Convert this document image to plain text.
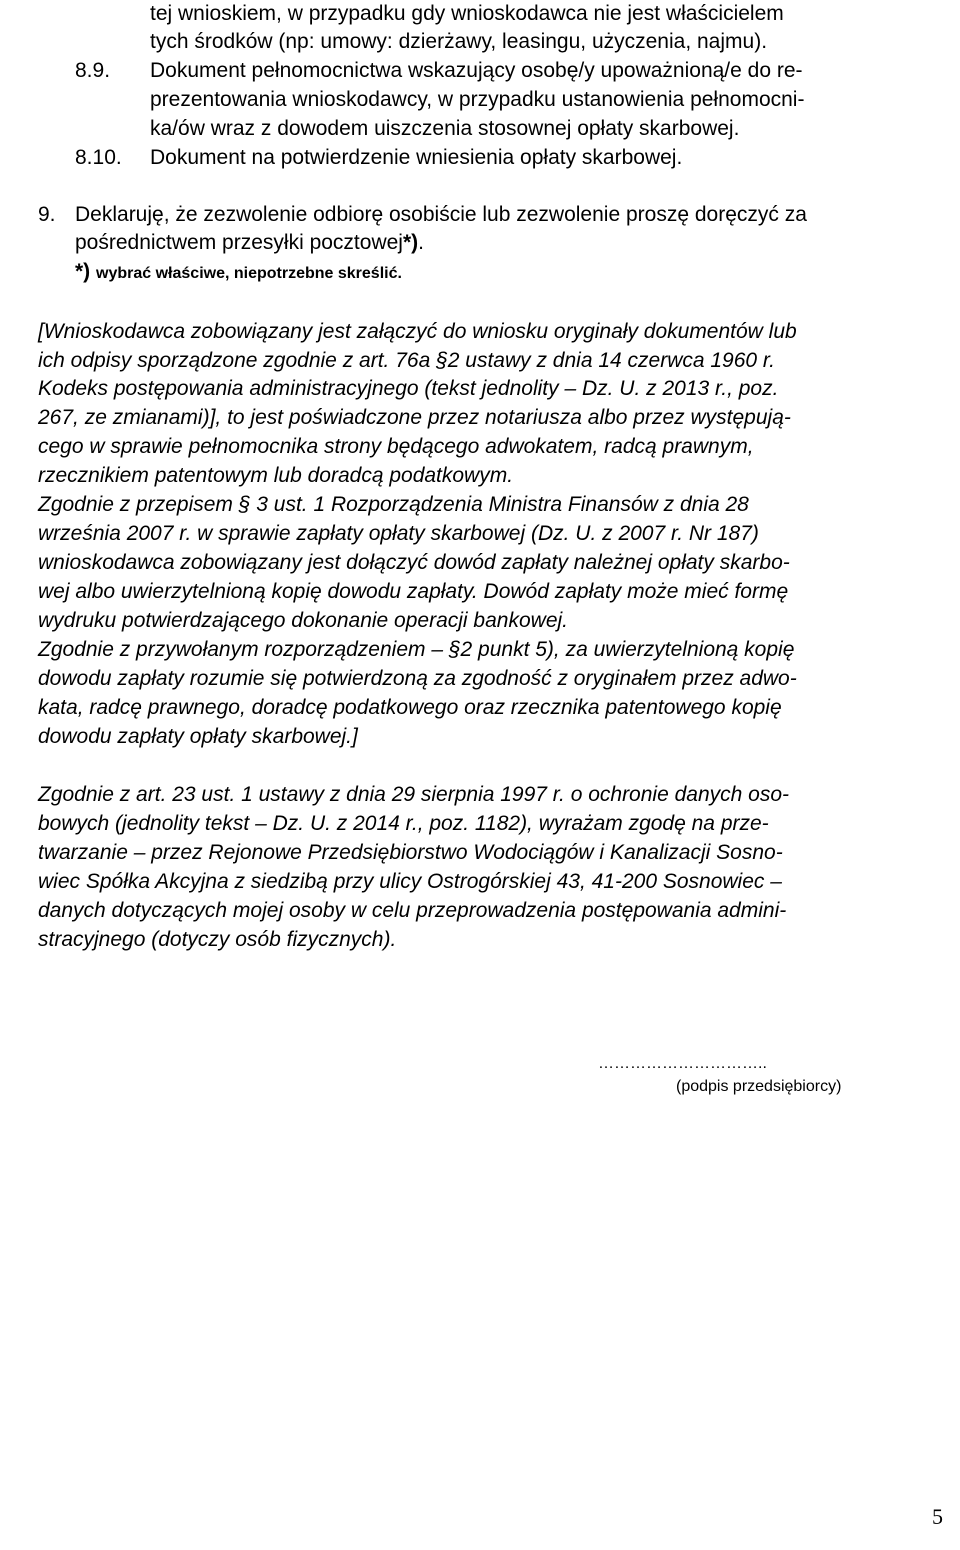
tej wnioskiem, w przypadku gdy wnioskodawca nie jest właścicielem
tych środków (np: umowy: dzierżawy, leasingu, użyczenia, najmu).
8.9. Dokument pełnomocnictwa wskazujący osobę/y upoważnioną/e do re-
prezentowania wnioskodawcy, w przypadku ustanowienia pełnomocni-
ka/ów wraz z dowodem uiszczenia stosownej opłaty skarbowej.
8.10. Dokument na potwierdzenie wniesienia opłaty skarbowej.
9. Deklaruję, że zezwolenie odbiorę osobiście lub zezwolenie proszę doręczyć za
pośrednictwem przesyłki pocztowej*).
*) wybrać właściwe, niepotrzebne skreślić.
[Wnioskodawca zobowiązany jest załączyć do wniosku oryginały dokumentów lub
ich odpisy sporządzone zgodnie z art. 76a §2 ustawy z dnia 14 czerwca 1960 r.
Kodeks postępowania administracyjnego (tekst jednolity – Dz. U. z 2013 r., poz.
267, ze zmianami)], to jest poświadczone przez notariusza albo przez występują-
cego w sprawie pełnomocnika strony będącego adwokatem, radcą prawnym,
rzecznikiem patentowym lub doradcą podatkowym.
Zgodnie z przepisem § 3 ust. 1 Rozporządzenia Ministra Finansów z dnia 28
września 2007 r. w sprawie zapłaty opłaty skarbowej (Dz. U. z 2007 r. Nr 187)
wnioskodawca zobowiązany jest dołączyć dowód zapłaty należnej opłaty skarbo-
wej albo uwierzytelnioną kopię dowodu zapłaty. Dowód zapłaty może mieć formę
wydruku potwierdzającego dokonanie operacji bankowej.
Zgodnie z przywołanym rozporządzeniem – §2 punkt 5), za uwierzytelnioną kopię
dowodu zapłaty rozumie się potwierdzoną za zgodność z oryginałem przez adwo-
kata, radcę prawnego, doradcę podatkowego oraz rzecznika patentowego kopię
dowodu zapłaty opłaty skarbowej.]
Zgodnie z art. 23 ust. 1 ustawy z dnia 29 sierpnia 1997 r. o ochronie danych oso-
bowych (jednolity tekst – Dz. U. z 2014 r., poz. 1182), wyrażam zgodę na prze-
twarzanie – przez Rejonowe Przedsiębiorstwo Wodociągów i Kanalizacji Sosno-
wiec Spółka Akcyjna z siedzibą przy ulicy Ostrogórskiej 43, 41-200 Sosnowiec –
danych dotyczących mojej osoby w celu przeprowadzenia postępowania admini-
stracyjnego (dotyczy osób fizycznych).
…………………………..
(podpis przedsiębiorcy)
5
